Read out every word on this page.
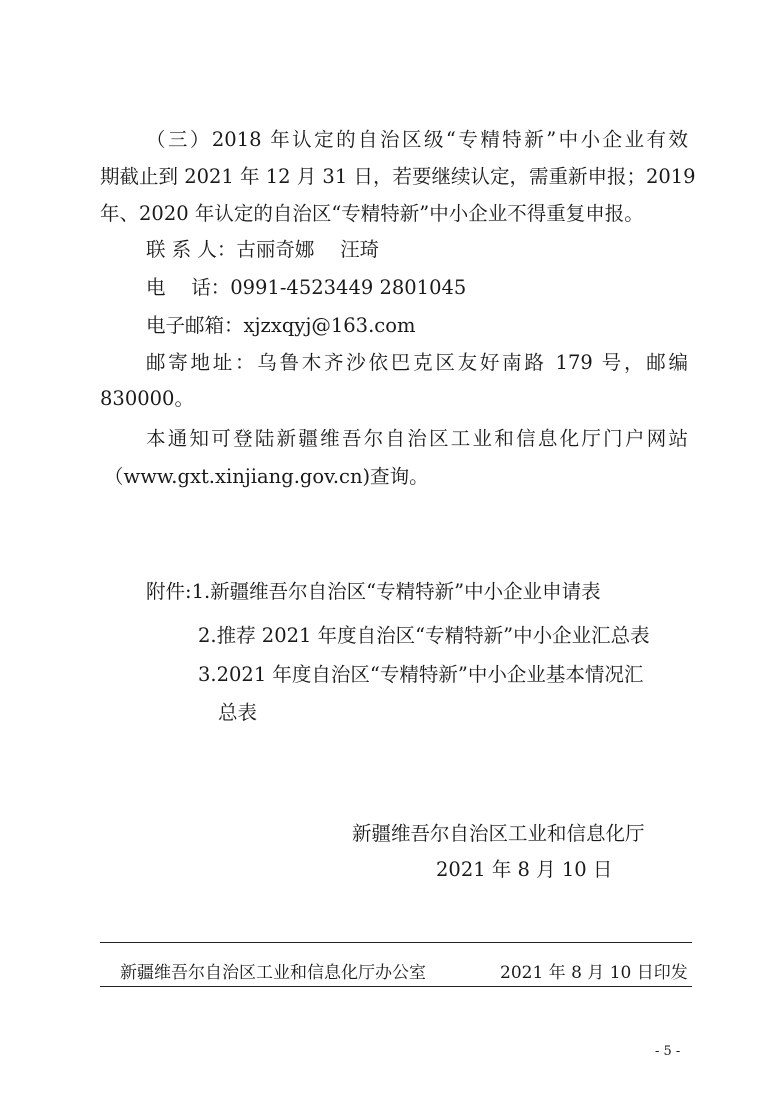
（三）2018 年认定的自治区级“专精特新”中小企业有效
期截止到 2021 年 12 月 31 日，若要继续认定，需重新申报；2019
年、2020 年认定的自治区“专精特新”中小企业不得重复申报。
联 系 人：古丽奇娜　 汪琦
电　 话：0991-4523449 2801045
电子邮箱：xjzxqyj@163.com
邮寄地址：乌鲁木齐沙依巴克区友好南路 179 号，邮编
830000。
本通知可登陆新疆维吾尔自治区工业和信息化厅门户网站
（www.gxt.xinjiang.gov.cn)查询。
附件:1.新疆维吾尔自治区“专精特新”中小企业申请表
2.推荐 2021 年度自治区“专精特新”中小企业汇总表
3.2021 年度自治区“专精特新”中小企业基本情况汇
总表
新疆维吾尔自治区工业和信息化厅
2021 年 8 月 10 日
新疆维吾尔自治区工业和信息化厅办公室	2021 年 8 月 10 日印发
- 5 -
